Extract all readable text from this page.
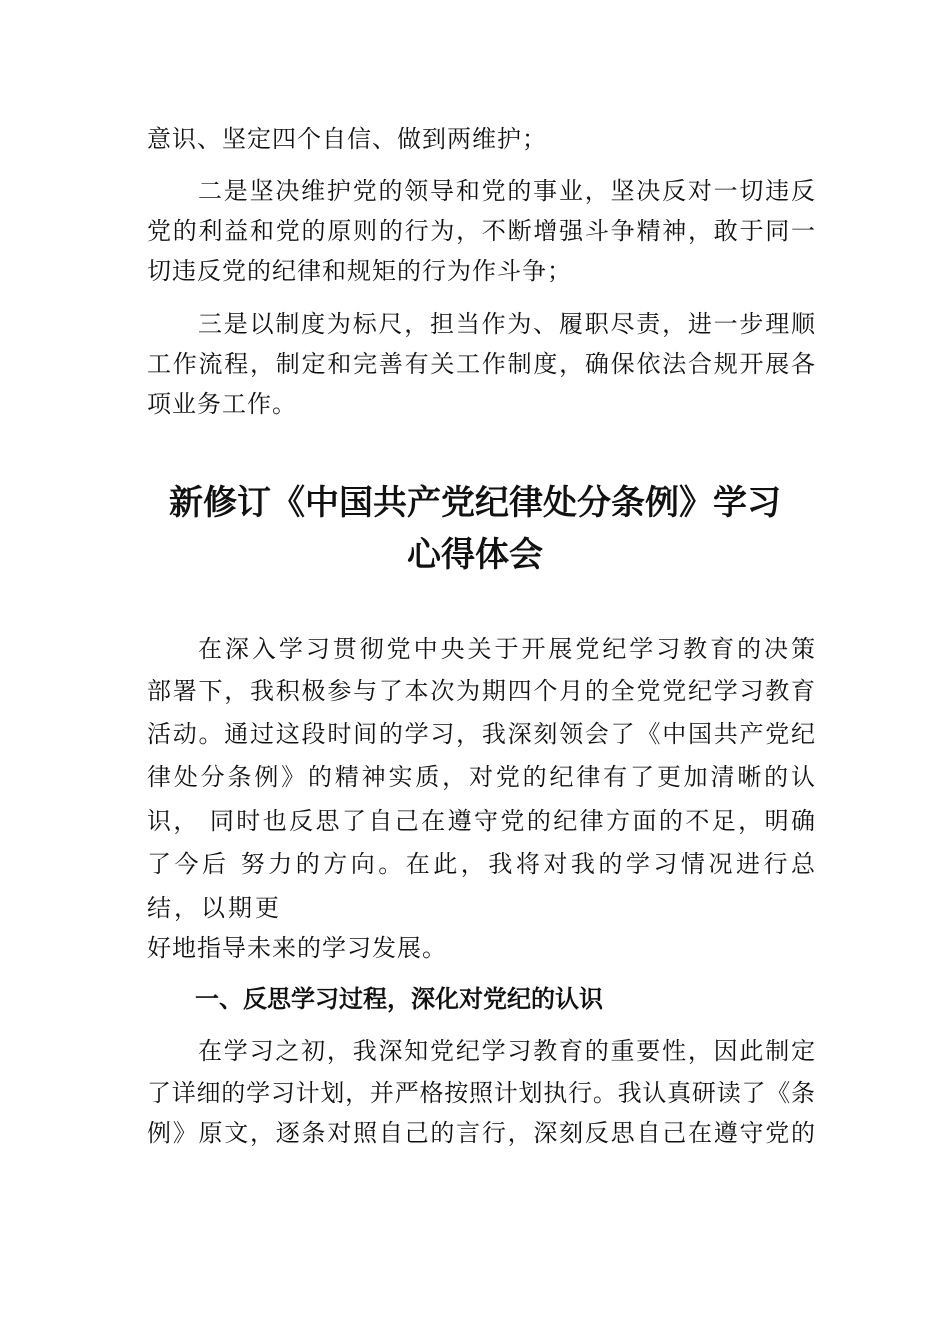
意识、坚定四个自信、做到两维护；
二是坚决维护党的领导和党的事业，坚决反对一切违反
党的利益和党的原则的行为，不断增强斗争精神，敢于同一
切违反党的纪律和规矩的行为作斗争；
三是以制度为标尺，担当作为、履职尽责，进一步理顺
工作流程，制定和完善有关工作制度，确保依法合规开展各
项业务工作。
新修订《中国共产党纪律处分条例》学习
心得体会
在深入学习贯彻党中央关于开展党纪学习教育的决策
部署下，我积极参与了本次为期四个月的全党党纪学习教育
活动。通过这段时间的学习，我深刻领会了《中国共产党纪
律处分条例》的精神实质，对党的纪律有了更加清晰的认
识， 同时也反思了自己在遵守党的纪律方面的不足，明确
了今后 努力的方向。在此，我将对我的学习情况进行总
结，以期更
好地指导未来的学习发展。
一、反思学习过程，深化对党纪的认识
在学习之初，我深知党纪学习教育的重要性，因此制定
了详细的学习计划，并严格按照计划执行。我认真研读了《条
例》原文，逐条对照自己的言行，深刻反思自己在遵守党的
